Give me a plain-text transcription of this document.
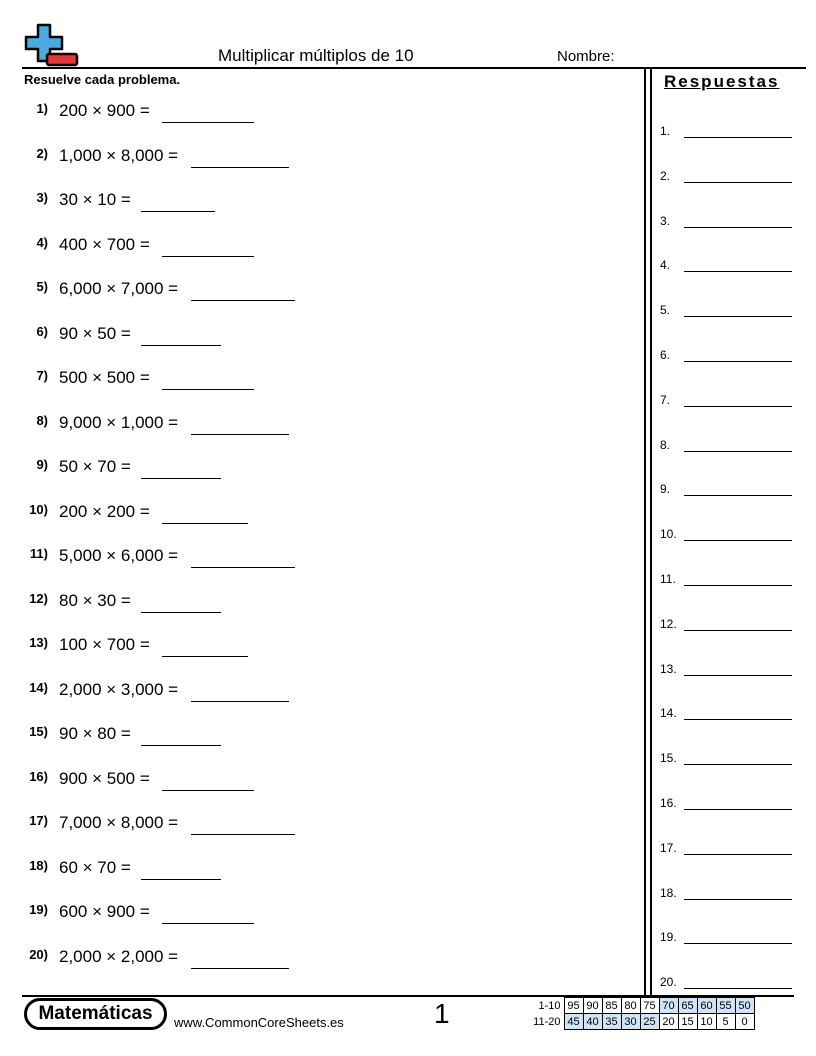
Multiplicar múltiplos de 10	Nombre:
Resuelve cada problema.
1) 200 × 900 =
2) 1,000 × 8,000 =
3) 30 × 10 =
4) 400 × 700 =
5) 6,000 × 7,000 =
6) 90 × 50 =
7) 500 × 500 =
8) 9,000 × 1,000 =
9) 50 × 70 =
10) 200 × 200 =
11) 5,000 × 6,000 =
12) 80 × 30 =
13) 100 × 700 =
14) 2,000 × 3,000 =
15) 90 × 80 =
16) 900 × 500 =
17) 7,000 × 8,000 =
18) 60 × 70 =
19) 600 × 900 =
20) 2,000 × 2,000 =
Respuestas
1.
2.
3.
4.
5.
6.
7.
8.
9.
10.
11.
12.
13.
14.
15.
16.
17.
18.
19.
20.
Matemáticas	www.CommonCoreSheets.es	1	1-10	95	90	85	80	75	70	65	60	55	50
11-20	45	40	35	30	25	20	15	10	5	0
